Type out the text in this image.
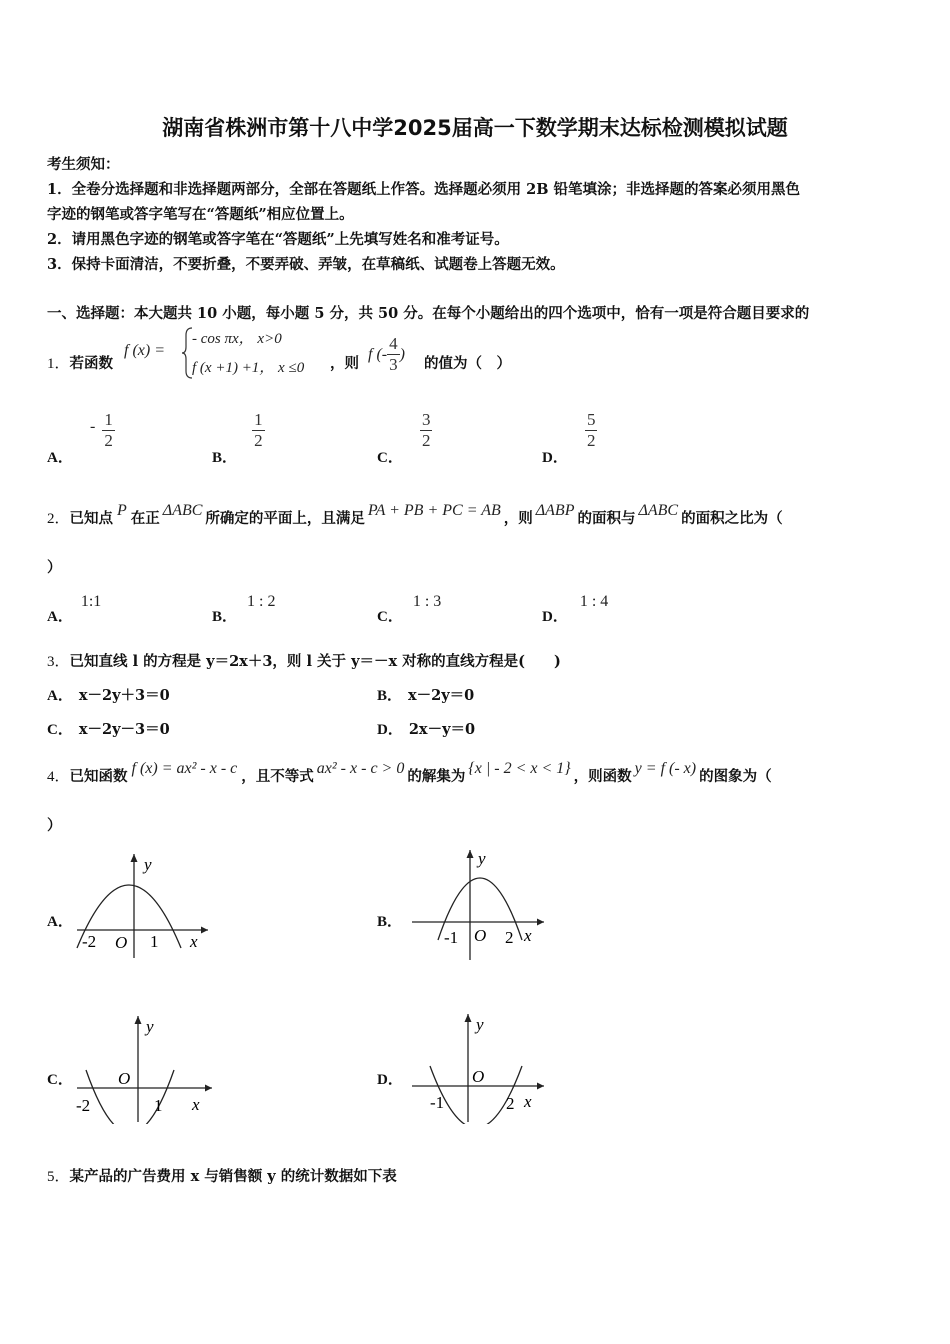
湖南省株洲市第十八中学2025届高一下数学期末达标检测模拟试题
考生须知：
1．全卷分选择题和非选择题两部分，全部在答题纸上作答。选择题必须用 2B 铅笔填涂；非选择题的答案必须用黑色
字迹的钢笔或答字笔写在“答题纸”相应位置上。
2．请用黑色字迹的钢笔或答字笔在“答题纸”上先填写姓名和准考证号。
3．保持卡面清洁，不要折叠，不要弄破、弄皱，在草稿纸、试题卷上答题无效。
一、选择题：本大题共 10 小题，每小题 5 分，共 50 分。在每个小题给出的四个选项中，恰有一项是符合题目要求的
1．若函数
f (x) =
- cos πx， x>0
f (x +1) +1， x ≤0 ，则
f (- $\frac{4}{3}$ )
的值为（　）
A． - $\frac{1}{2}$
B．
$\frac{1}{2}$
C．
$\frac{3}{2}$
D．
$\frac{5}{2}$
2．已知点 P 在正 ΔABC 所确定的平面上，且满足 PA + PB + PC = AB ，则 ΔABP 的面积与 ΔABC 的面积之比为（
）
A．1:1
B．1 : 2
C．1 : 3
D．1 : 4
3．已知直线 l 的方程是 y＝2x＋3，则 l 关于 y＝－x 对称的直线方程是(　　)
A． x－2y＋3＝0	B． x－2y＝0
C． x－2y－3＝0	D． 2x－y＝0
4．已知函数 f (x) = ax² - x - c ，且不等式 ax² - x - c > 0 的解集为 {x | - 2 < x < 1} ，则函数 y = f (- x) 的图象为（
）
A．
y
x
O
-2	1
B．
y
x
O
-1	2
C．
y
x
O
-2	1
D．
y
x
O
-1	2
5．某产品的广告费用 x 与销售额 y 的统计数据如下表
